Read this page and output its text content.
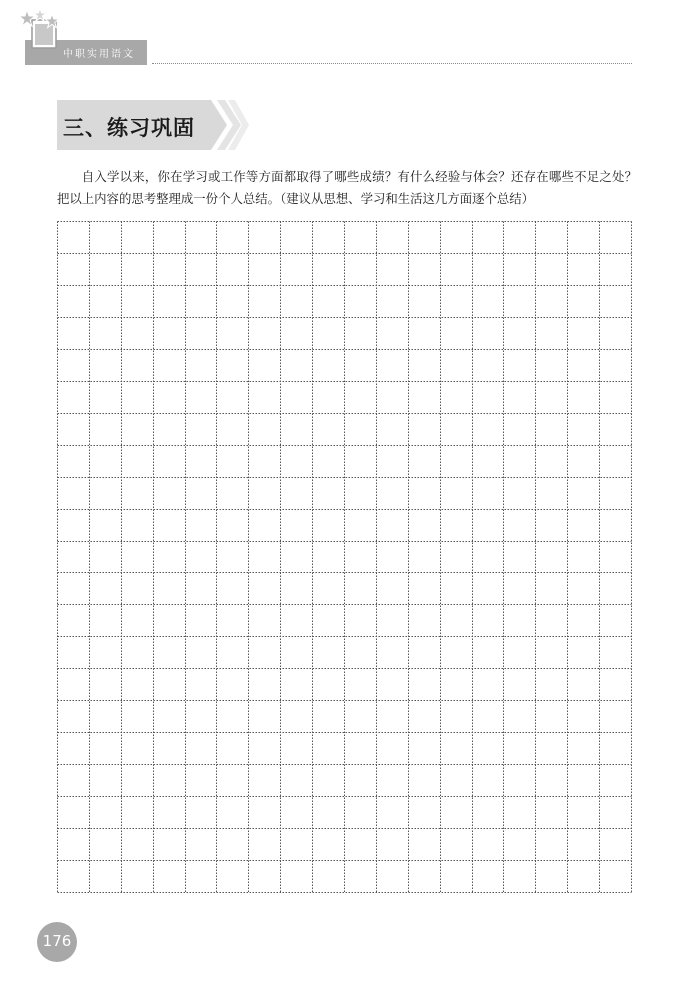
中职实用语文
三、练习巩固

自入学以来，你在学习或工作等方面都取得了哪些成绩？有什么经验与体会？还存在哪些不足之处？把以上内容的思考整理成一份个人总结。（建议从思想、学习和生活这几方面逐个总结）

176
